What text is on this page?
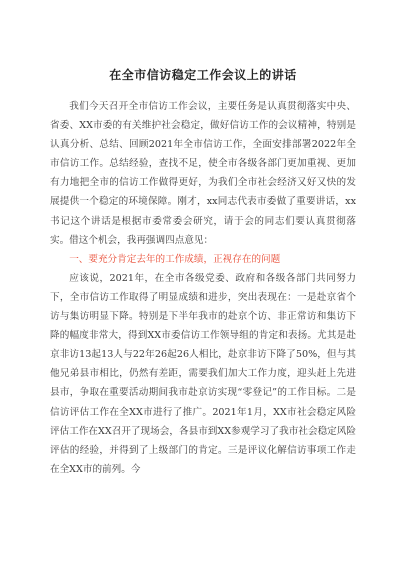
在全市信访稳定工作会议上的讲话

我们今天召开全市信访工作会议，主要任务是认真贯彻落实中央、省委、XX市委的有关维护社会稳定，做好信访工作的会议精神，特别是认真分析、总结、回顾2021年全市信访工作，全面安排部署2022年全市信访工作。总结经验，查找不足，使全市各级各部门更加重视、更加有力地把全市的信访工作做得更好，为我们全市社会经济又好又快的发展提供一个稳定的环境保障。刚才，xx同志代表市委做了重要讲话，xx书记这个讲话是根据市委常委会研究，请于会的同志们要认真贯彻落实。借这个机会，我再强调四点意见：

一、要充分肯定去年的工作成绩，正视存在的问题

应该说，2021年，在全市各级党委、政府和各级各部门共同努力下，全市信访工作取得了明显成绩和进步，突出表现在：一是赴京省个访与集访明显下降。特别是下半年我市的赴京个访、非正常访和集访下降的幅度非常大，得到XX市委信访工作领导组的肯定和表扬。尤其是赴京非访13起13人与22年26起26人相比，赴京非访下降了50%，但与其他兄弟县市相比，仍然有差距，需要我们加大工作力度，迎头赶上先进县市，争取在重要活动期间我市赴京访实现“零登记”的工作目标。二是信访评估工作在全XX市进行了推广。2021年1月，XX市社会稳定风险评估工作在XX召开了现场会，各县市到XX参观学习了我市社会稳定风险评估的经验，并得到了上级部门的肯定。三是评议化解信访事项工作走在全XX市的前列。今
